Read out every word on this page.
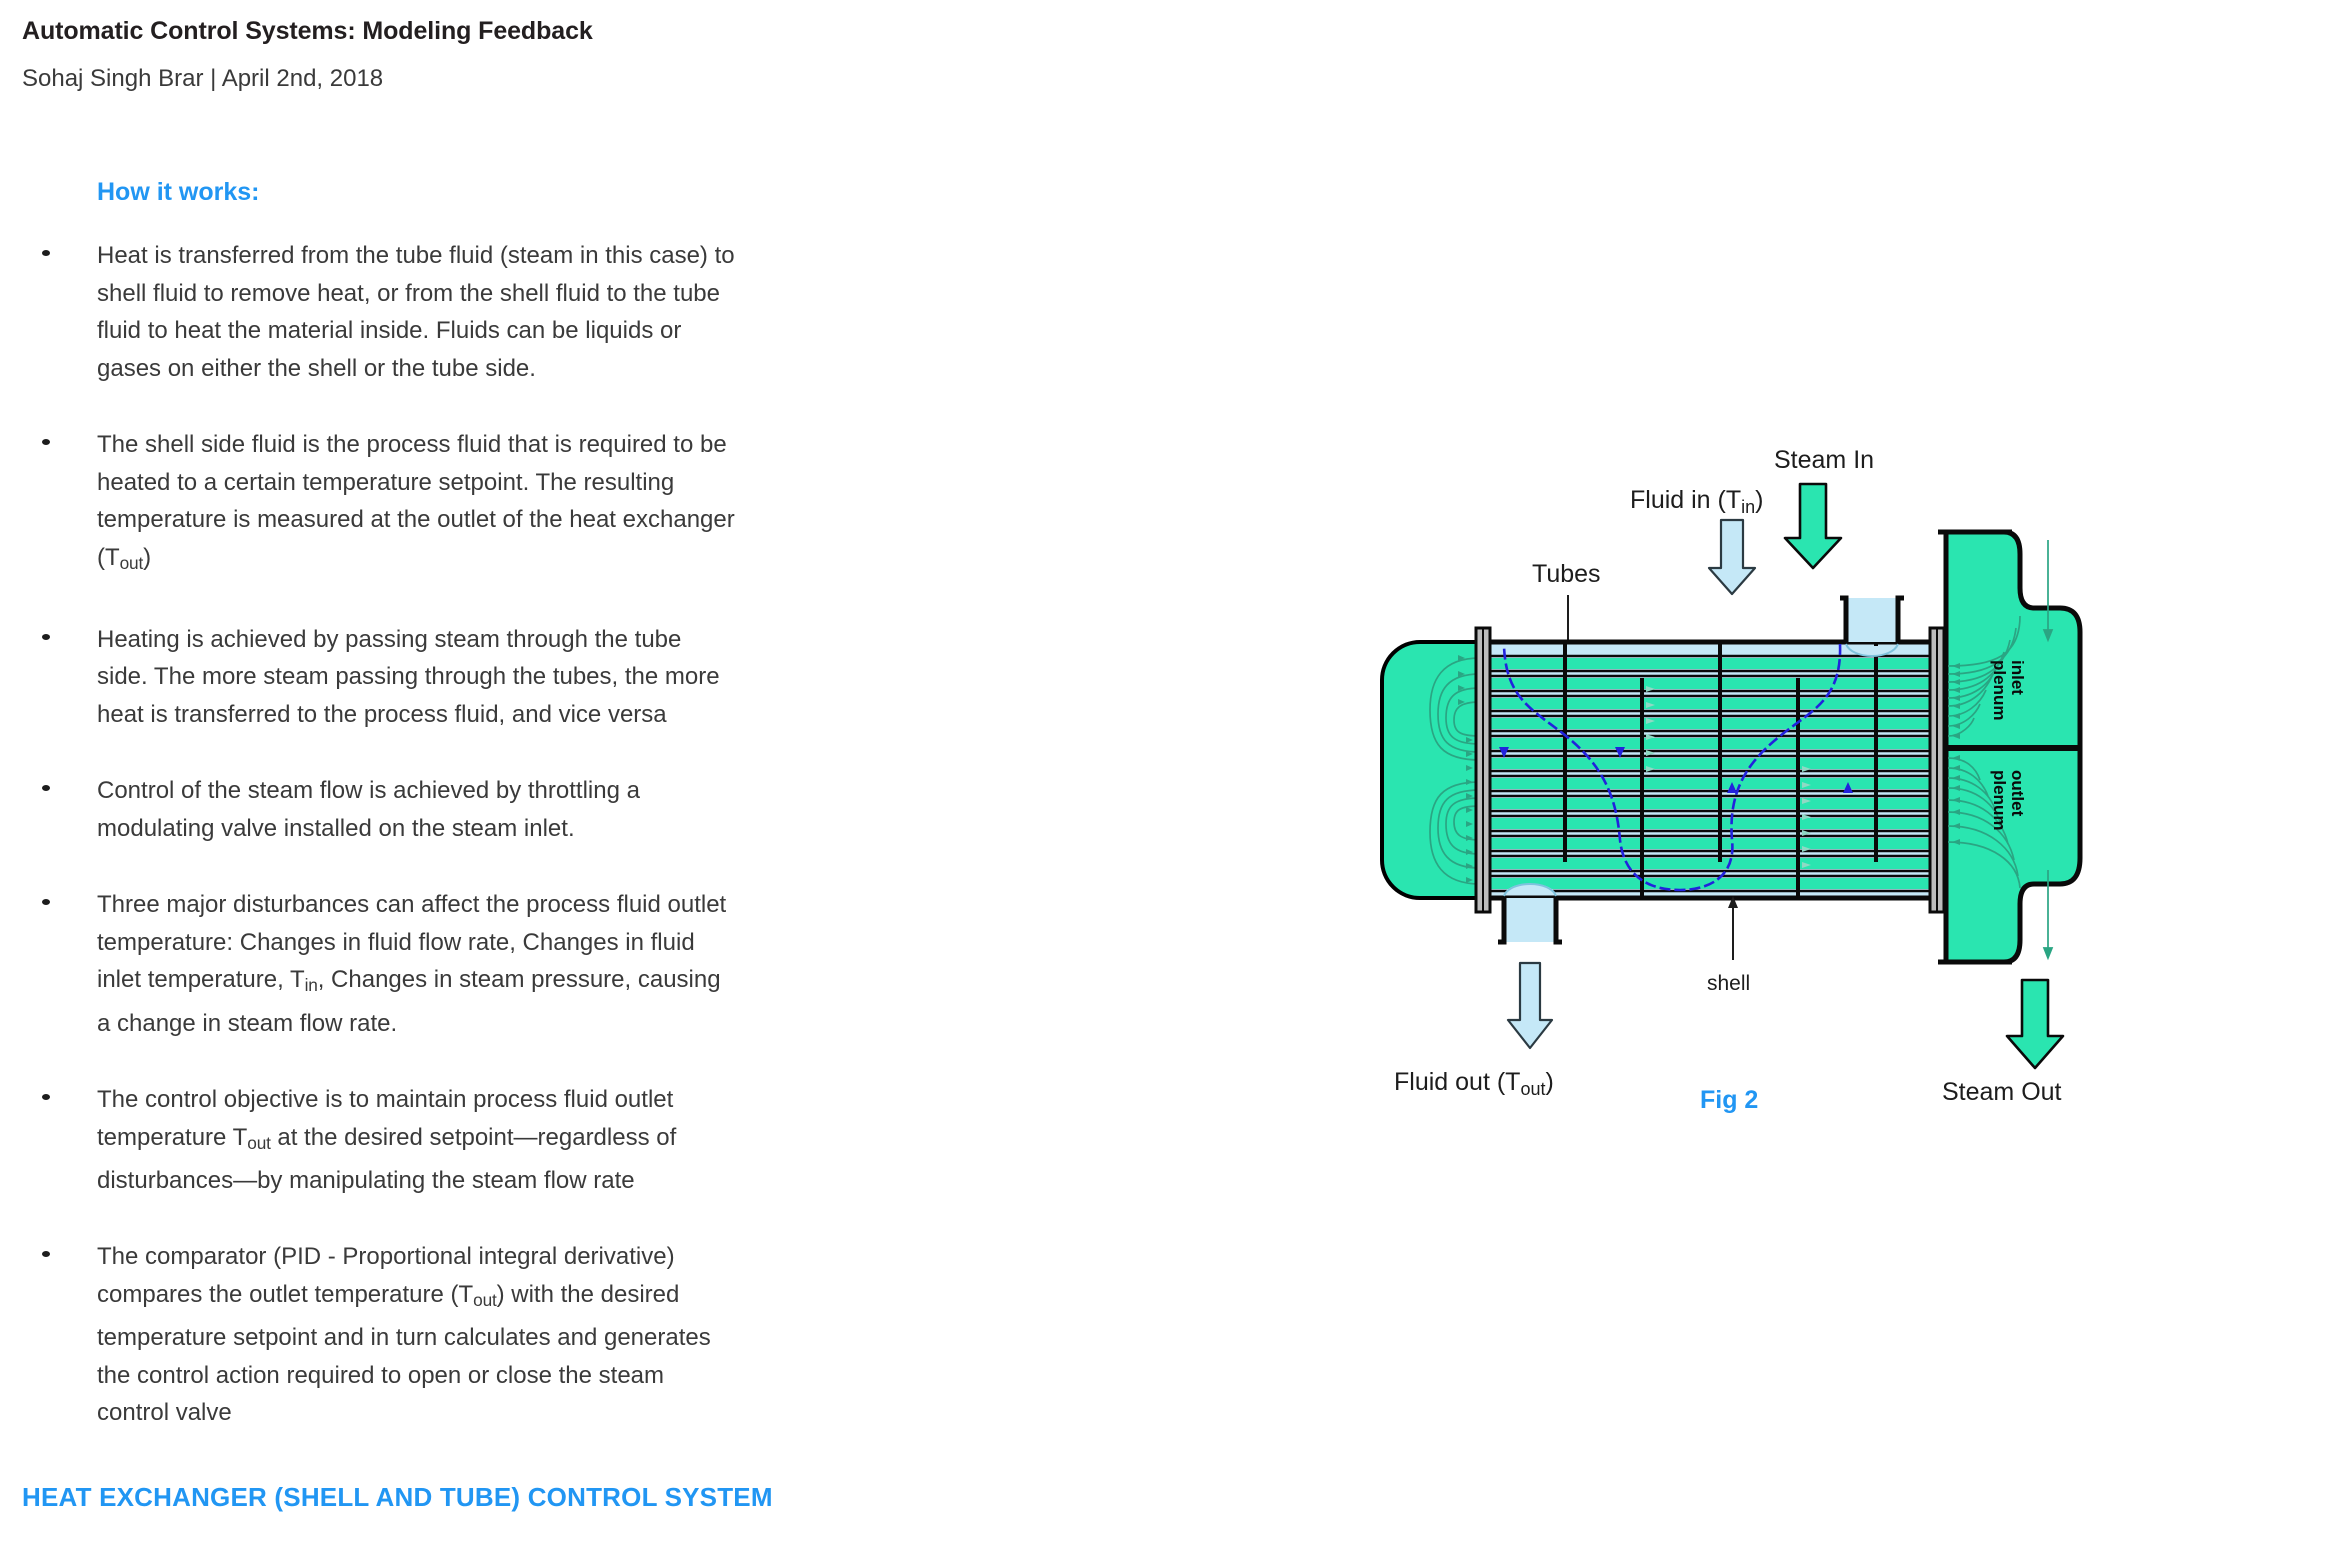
Automatic Control Systems: Modeling Feedback
Sohaj Singh Brar | April 2nd, 2018
How it works:
Heat is transferred from the tube fluid (steam in this case) to shell fluid to remove heat, or from the shell fluid to the tube fluid to heat the material inside. Fluids can be liquids or gases on either the shell or the tube side.
The shell side fluid is the process fluid that is required to be heated to a certain temperature setpoint. The resulting temperature is measured at the outlet of the heat exchanger $(T_{out})$
Heating is achieved by passing steam through the tube side. The more steam passing through the tubes, the more heat is transferred to the process fluid, and vice versa
Control of the steam flow is achieved by throttling a modulating valve installed on the steam inlet.
Three major disturbances can affect the process fluid outlet temperature: Changes in fluid flow rate, Changes in fluid inlet temperature, $T_{in}$, Changes in steam pressure, causing a change in steam flow rate.
The control objective is to maintain process fluid outlet temperature $T_{out}$ at the desired setpoint—regardless of disturbances—by manipulating the steam flow rate
The comparator (PID - Proportional integral derivative) compares the outlet temperature $(T_{out})$ with the desired temperature setpoint and in turn calculates and generates the control action required to open or close the steam control valve
Steam In
Fluid in $(T_{in})$
Tubes
inlet
plenum
outlet
plenum
shell
Fluid out $(T_{out})$	Steam Out
Fig 2
HEAT EXCHANGER (SHELL AND TUBE) CONTROL SYSTEM
